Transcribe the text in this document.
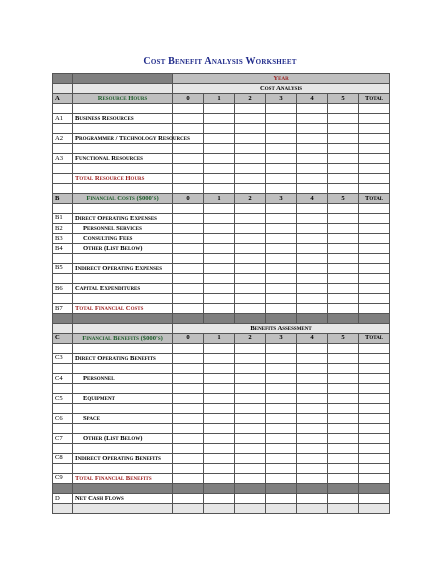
Cost Benefit Analysis Worksheet
		Year						
		Cost Analysis						
A	Resource Hours	0	1	2	3	4	5	Total

A1	Business Resources							

A2	Programmer / Technology Resources							

A3	Functional Resources							

	Total Resource Hours							

B	Financial Costs ($000's)	0	1	2	3	4	5	Total

B1	Direct Operating Expenses							
B2	Personnel Services							
B3	Consulting Fees							
B4	Other (List Below)							

B5	Indirect Operating Expenses							

B6	Capital Expenditures							

B7	Total Financial Costs							

		Benefits Assessment						
C	Financial Benefits ($000's)	0	1	2	3	4	5	Total

C3	Direct Operating Benefits							

C4	Personnel							

C5	Equipment							

C6	Space							

C7	Other (List Below)							

C8	Indirect Operating Benefits							

C9	Total Financial Benefits							

D	Net Cash Flows							
